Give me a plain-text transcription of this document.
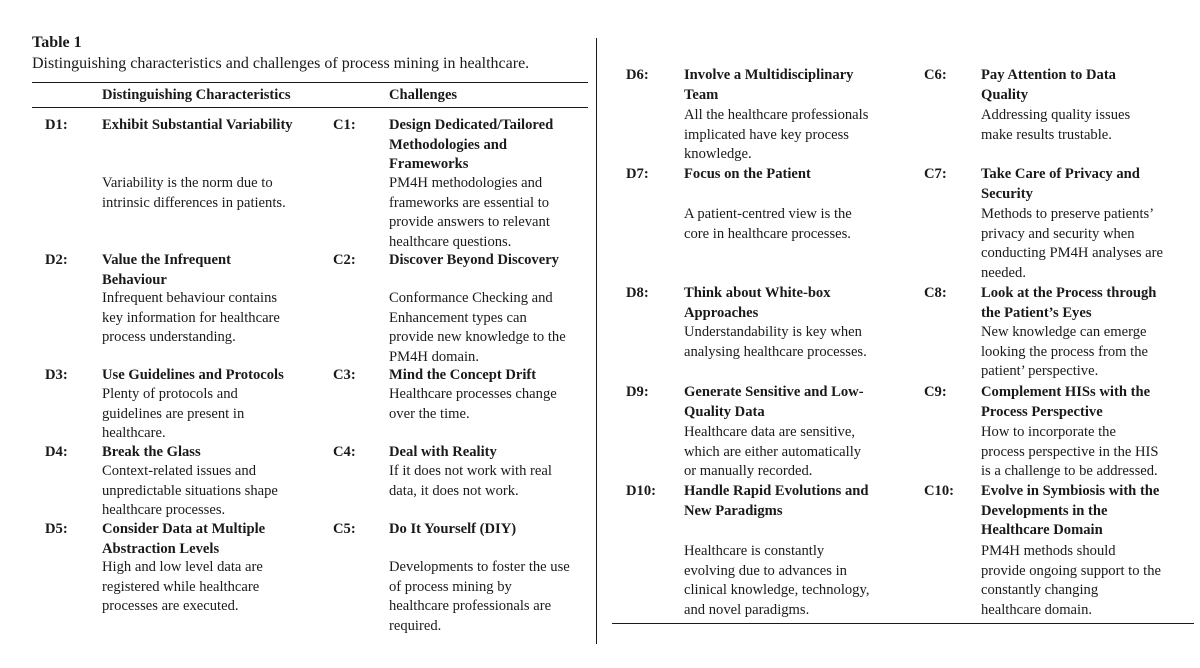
Table 1
Distinguishing characteristics and challenges of process mining in healthcare.
Distinguishing Characteristics	Challenges
D1: Exhibit Substantial Variability
Variability is the norm due to
intrinsic differences in patients.
C1: Design Dedicated/Tailored
Methodologies and
Frameworks
PM4H methodologies and
frameworks are essential to
provide answers to relevant
healthcare questions.
D2: Value the Infrequent
Behaviour
Infrequent behaviour contains
key information for healthcare
process understanding.
C2: Discover Beyond Discovery
Conformance Checking and
Enhancement types can
provide new knowledge to the
PM4H domain.
D3: Use Guidelines and Protocols
Plenty of protocols and
guidelines are present in
healthcare.
C3: Mind the Concept Drift
Healthcare processes change
over the time.
D4: Break the Glass
Context-related issues and
unpredictable situations shape
healthcare processes.
C4: Deal with Reality
If it does not work with real
data, it does not work.
D5: Consider Data at Multiple
Abstraction Levels
High and low level data are
registered while healthcare
processes are executed.
C5: Do It Yourself (DIY)
Developments to foster the use
of process mining by
healthcare professionals are
required.
D6: Involve a Multidisciplinary
Team
All the healthcare professionals
implicated have key process
knowledge.
C6: Pay Attention to Data
Quality
Addressing quality issues
make results trustable.
D7: Focus on the Patient
A patient-centred view is the
core in healthcare processes.
C7: Take Care of Privacy and
Security
Methods to preserve patients’
privacy and security when
conducting PM4H analyses are
needed.
D8: Think about White-box
Approaches
Understandability is key when
analysing healthcare processes.
C8: Look at the Process through
the Patient’s Eyes
New knowledge can emerge
looking the process from the
patient’ perspective.
D9: Generate Sensitive and Low-
Quality Data
Healthcare data are sensitive,
which are either automatically
or manually recorded.
C9: Complement HISs with the
Process Perspective
How to incorporate the
process perspective in the HIS
is a challenge to be addressed.
D10: Handle Rapid Evolutions and
New Paradigms
Healthcare is constantly
evolving due to advances in
clinical knowledge, technology,
and novel paradigms.
C10: Evolve in Symbiosis with the
Developments in the
Healthcare Domain
PM4H methods should
provide ongoing support to the
constantly changing
healthcare domain.
